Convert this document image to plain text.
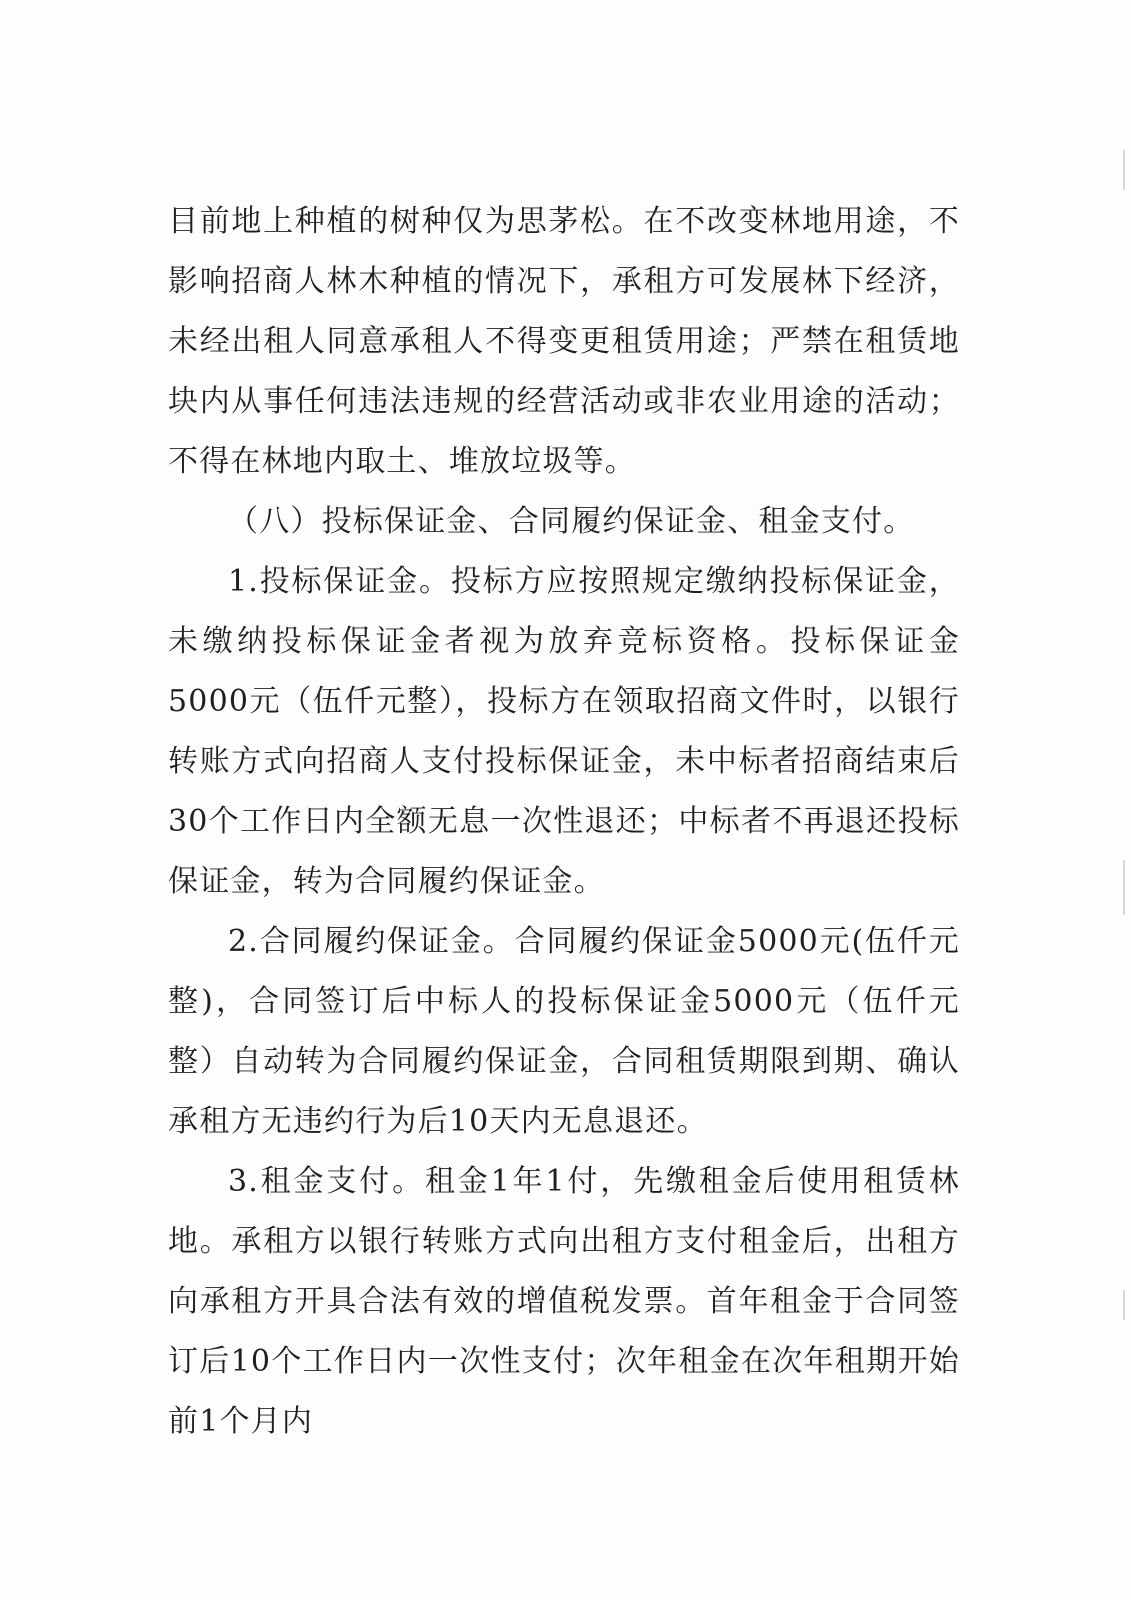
目前地上种植的树种仅为思茅松。在不改变林地用途，不影响招商人林木种植的情况下，承租方可发展林下经济，未经出租人同意承租人不得变更租赁用途；严禁在租赁地块内从事任何违法违规的经营活动或非农业用途的活动；不得在林地内取土、堆放垃圾等。

（八）投标保证金、合同履约保证金、租金支付。

1.投标保证金。投标方应按照规定缴纳投标保证金，未缴纳投标保证金者视为放弃竞标资格。投标保证金5000元（伍仟元整），投标方在领取招商文件时，以银行转账方式向招商人支付投标保证金，未中标者招商结束后30个工作日内全额无息一次性退还；中标者不再退还投标保证金，转为合同履约保证金。

2.合同履约保证金。合同履约保证金5000元(伍仟元整)，合同签订后中标人的投标保证金5000元（伍仟元整）自动转为合同履约保证金，合同租赁期限到期、确认承租方无违约行为后10天内无息退还。

3.租金支付。租金1年1付，先缴租金后使用租赁林地。承租方以银行转账方式向出租方支付租金后，出租方向承租方开具合法有效的增值税发票。首年租金于合同签订后10个工作日内一次性支付；次年租金在次年租期开始前1个月内
